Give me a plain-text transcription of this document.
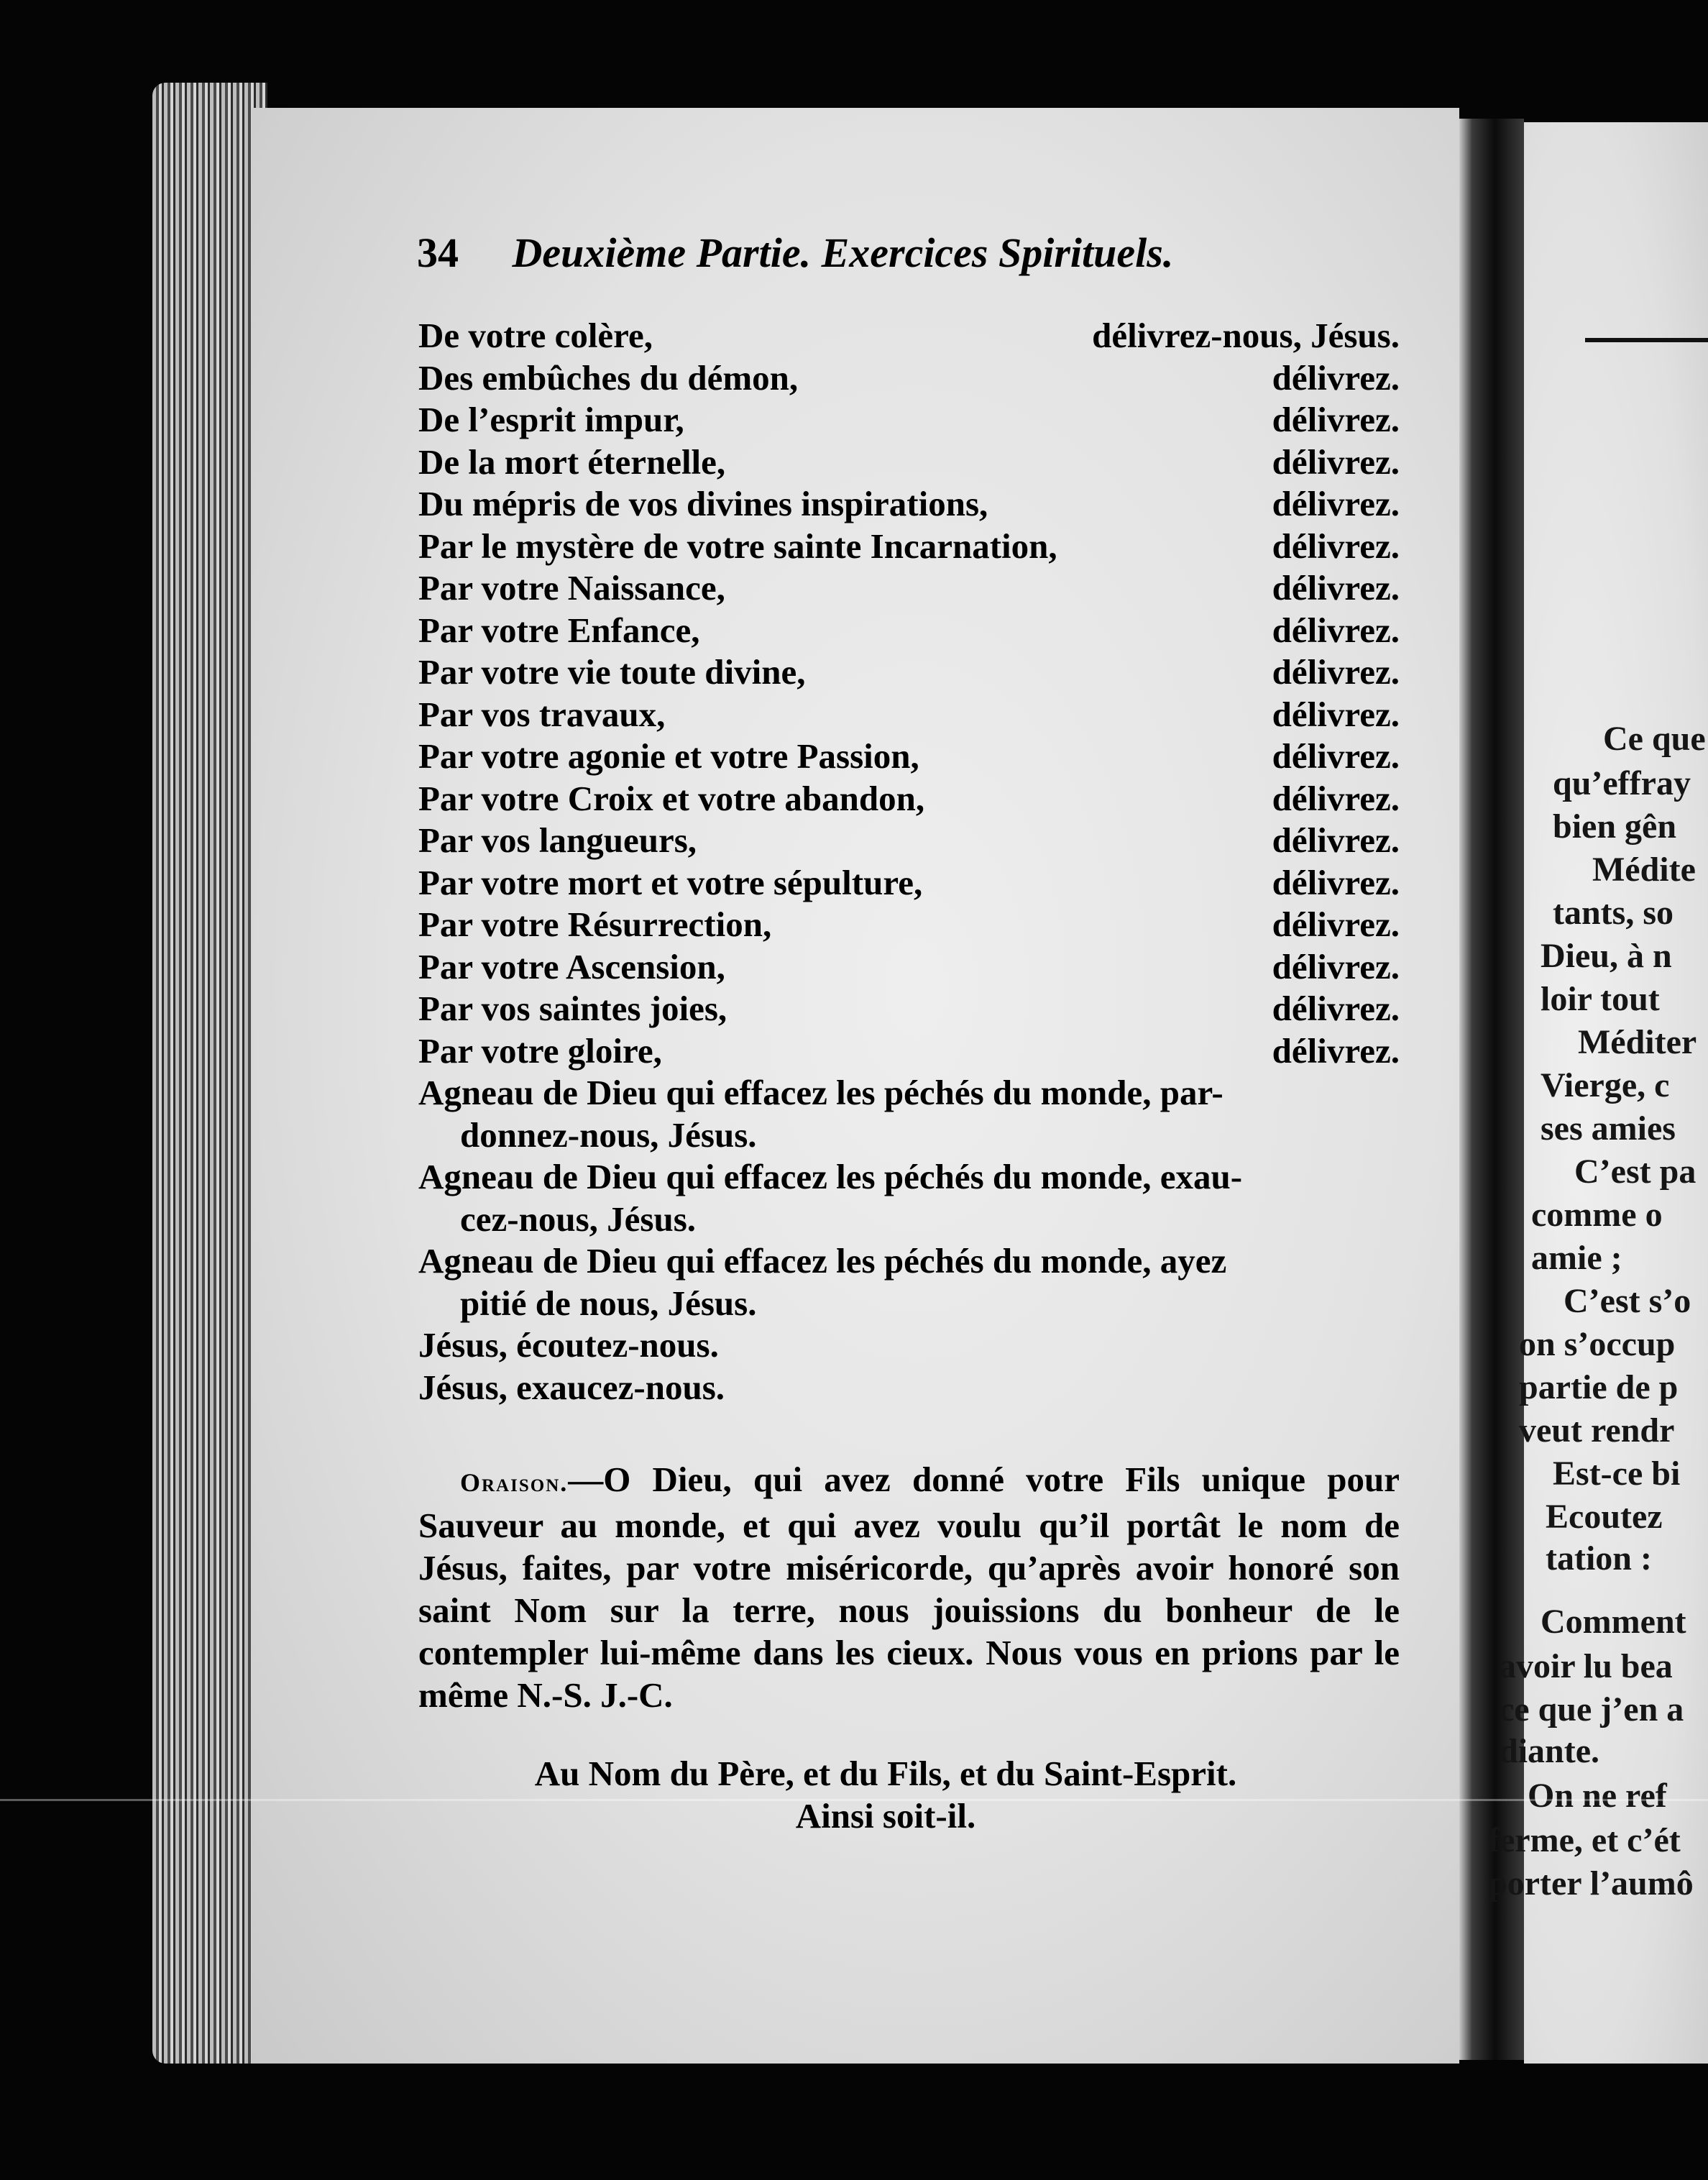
34 Deuxième Partie. Exercices Spirituels.
De votre colère,	délivrez-nous, Jésus.
Des embûches du démon,	délivrez.
De l’esprit impur,	délivrez.
De la mort éternelle,	délivrez.
Du mépris de vos divines inspirations,	délivrez.
Par le mystère de votre sainte Incarnation,	délivrez.
Par votre Naissance,	délivrez.
Par votre Enfance,	délivrez.
Par votre vie toute divine,	délivrez.
Par vos travaux,	délivrez.
Par votre agonie et votre Passion,	délivrez.
Par votre Croix et votre abandon,	délivrez.
Par vos langueurs,	délivrez.
Par votre mort et votre sépulture,	délivrez.
Par votre Résurrection,	délivrez.
Par votre Ascension,	délivrez.
Par vos saintes joies,	délivrez.
Par votre gloire,	délivrez.
Agneau de Dieu qui effacez les péchés du monde, par-
donnez-nous, Jésus.
Agneau de Dieu qui effacez les péchés du monde, exau-
cez-nous, Jésus.
Agneau de Dieu qui effacez les péchés du monde, ayez
pitié de nous, Jésus.
Jésus, écoutez-nous.
Jésus, exaucez-nous.
Oraison.—O Dieu, qui avez donné votre Fils unique pour Sauveur au monde, et qui avez voulu qu’il portât le nom de Jésus, faites, par votre miséricorde, qu’après avoir honoré son saint Nom sur la terre, nous jouissions du bonheur de le contempler lui-même dans les cieux. Nous vous en prions par le même N.-S. J.-C.
Au Nom du Père, et du Fils, et du Saint-Esprit.
Ainsi soit-il.
Ce que
qu’effray
bien gên
Médite
tants, so
Dieu, à n
loir tout
Méditer
Vierge, c
ses amies
C’est pa
comme o
amie ;
C’est s’o
on s’occup
partie de p
veut rendr
Est-ce bi
Ecoutez
tation :
Comment
avoir lu bea
ce que j’en a
diante.
On ne ref
ferme, et c’ét
porter l’aumô
